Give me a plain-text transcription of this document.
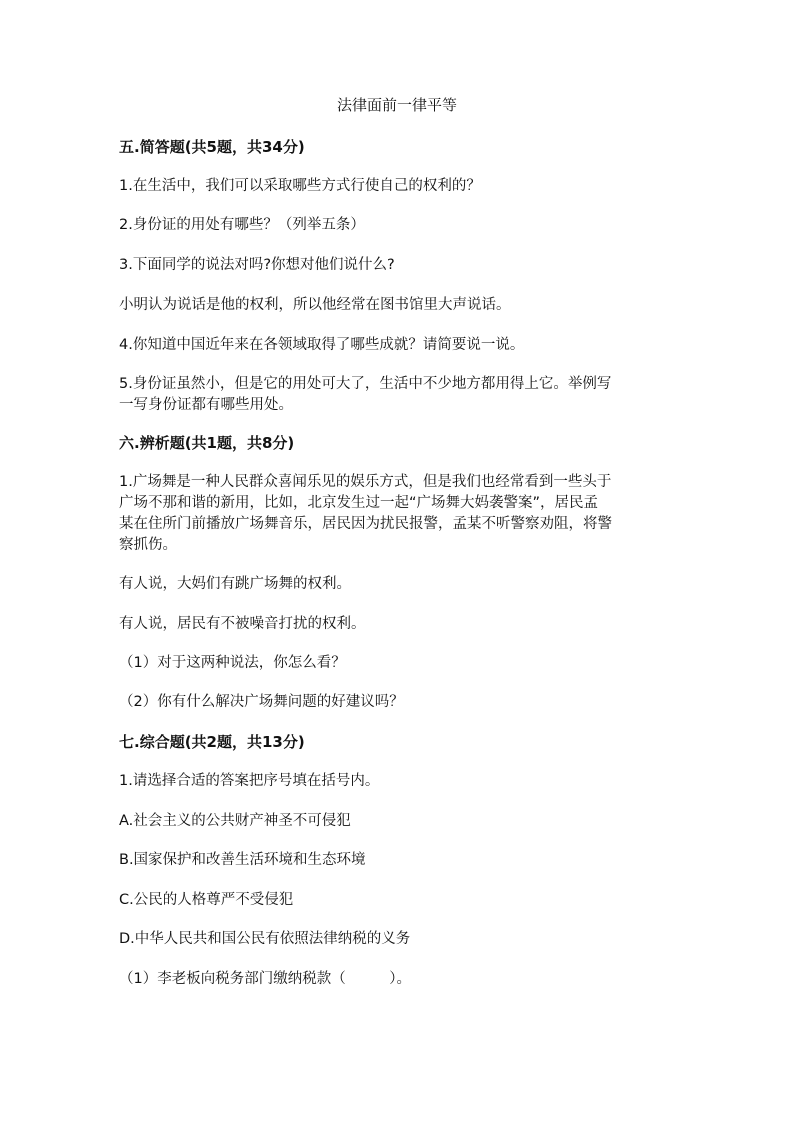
法律面前一律平等
五.简答题(共5题，共34分)
1.在生活中，我们可以采取哪些方式行使自己的权利的？
2.身份证的用处有哪些？（列举五条）
3.下面同学的说法对吗?你想对他们说什么?
小明认为说话是他的权利，所以他经常在图书馆里大声说话。
4.你知道中国近年来在各领域取得了哪些成就？请简要说一说。
5.身份证虽然小，但是它的用处可大了，生活中不少地方都用得上它。举例写
一写身份证都有哪些用处。
六.辨析题(共1题，共8分)
1.广场舞是一种人民群众喜闻乐见的娱乐方式，但是我们也经常看到一些头于
广场不那和谐的新用，比如，北京发生过一起“广场舞大妈袭警案”，居民孟
某在住所门前播放广场舞音乐，居民因为扰民报警，孟某不听警察劝阻，将警
察抓伤。
有人说，大妈们有跳广场舞的权利。
有人说，居民有不被噪音打扰的权利。
（1）对于这两种说法，你怎么看？
（2）你有什么解决广场舞问题的好建议吗？
七.综合题(共2题，共13分)
1.请选择合适的答案把序号填在括号内。
A.社会主义的公共财产神圣不可侵犯
B.国家保护和改善生活环境和生态环境
C.公民的人格尊严不受侵犯
D.中华人民共和国公民有依照法律纳税的义务
（1）李老板向税务部门缴纳税款（　　　）。
